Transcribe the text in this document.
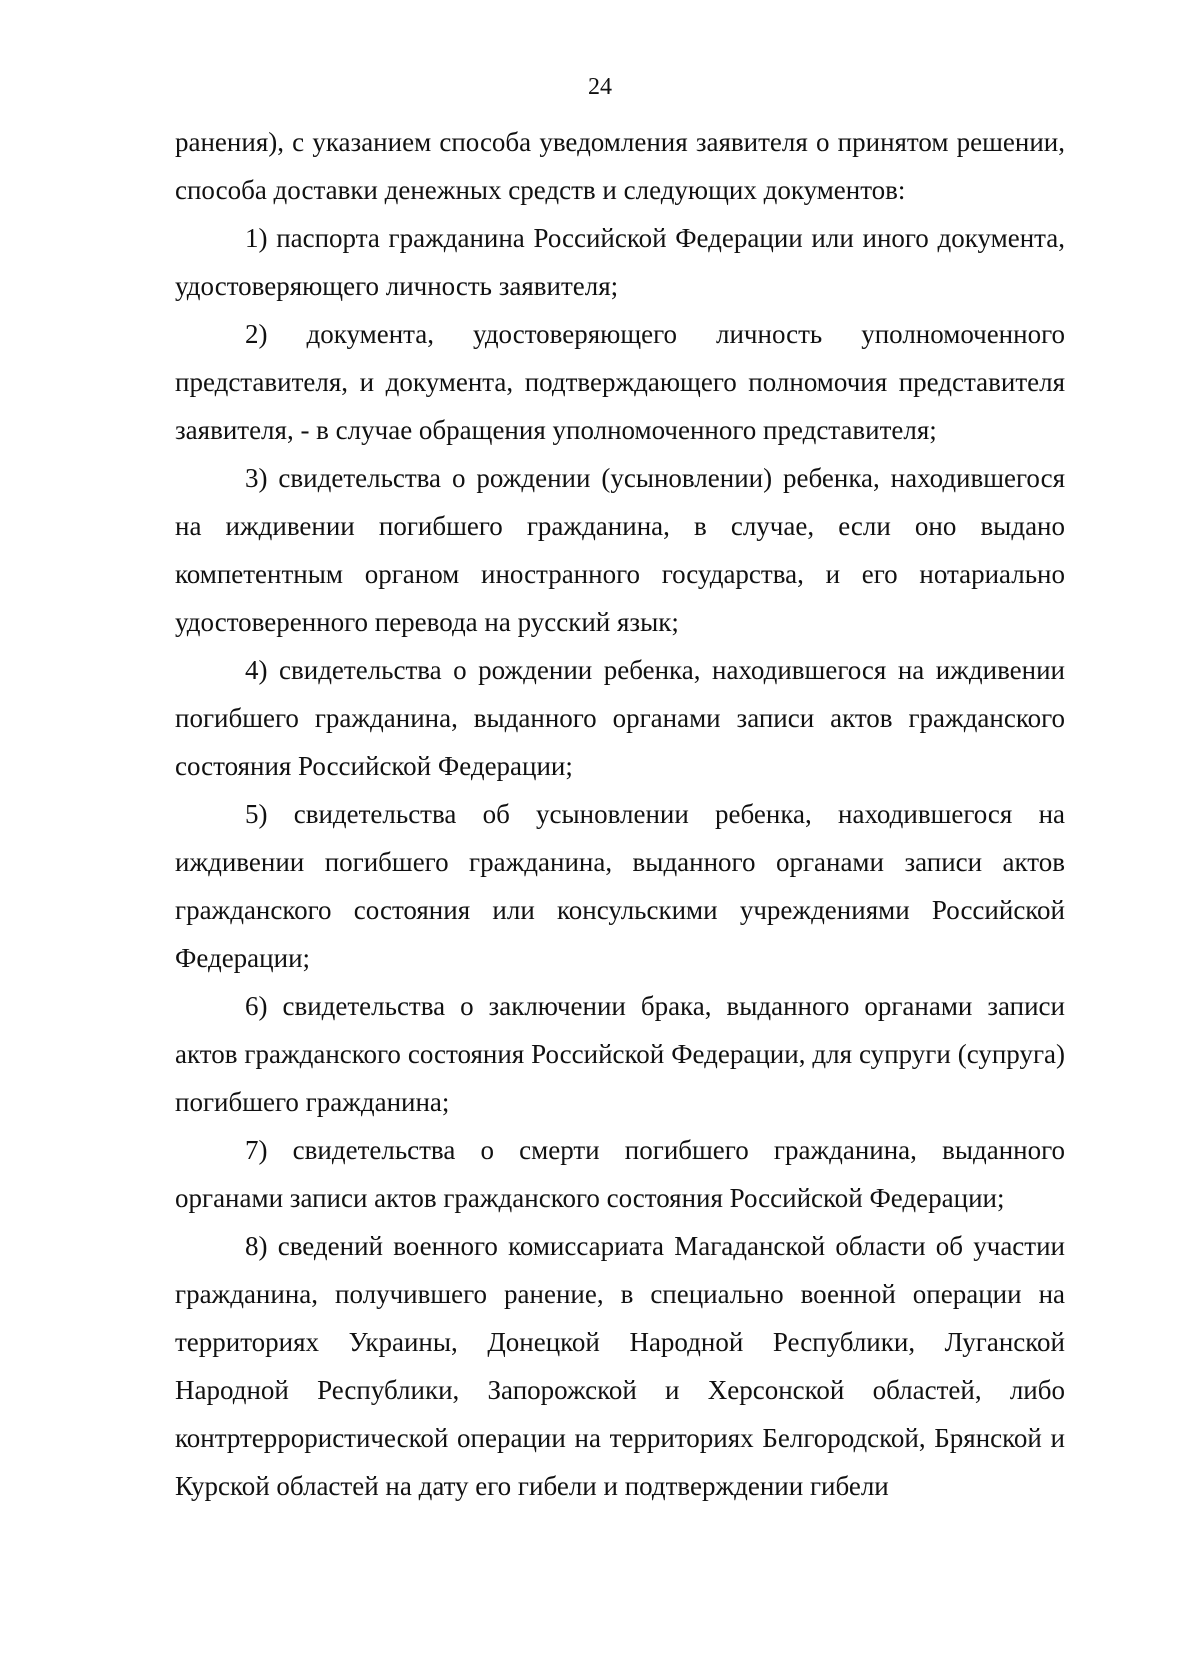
24

ранения), с указанием способа уведомления заявителя о принятом решении, способа доставки денежных средств и следующих документов:

1) паспорта гражданина Российской Федерации или иного документа, удостоверяющего личность заявителя;

2) документа, удостоверяющего личность уполномоченного представителя, и документа, подтверждающего полномочия представителя заявителя, - в случае обращения уполномоченного представителя;

3) свидетельства о рождении (усыновлении) ребенка, находившегося на иждивении погибшего гражданина, в случае, если оно выдано компетентным органом иностранного государства, и его нотариально удостоверенного перевода на русский язык;

4) свидетельства о рождении ребенка, находившегося на иждивении погибшего гражданина, выданного органами записи актов гражданского состояния Российской Федерации;

5) свидетельства об усыновлении ребенка, находившегося на иждивении погибшего гражданина, выданного органами записи актов гражданского состояния или консульскими учреждениями Российской Федерации;

6) свидетельства о заключении брака, выданного органами записи актов гражданского состояния Российской Федерации, для супруги (супруга) погибшего гражданина;

7) свидетельства о смерти погибшего гражданина, выданного органами записи актов гражданского состояния Российской Федерации;

8) сведений военного комиссариата Магаданской области об участии гражданина, получившего ранение, в специально военной операции на территориях Украины, Донецкой Народной Республики, Луганской Народной Республики, Запорожской и Херсонской областей, либо контртеррористической операции на территориях Белгородской, Брянской и Курской областей на дату его гибели и подтверждении гибели
